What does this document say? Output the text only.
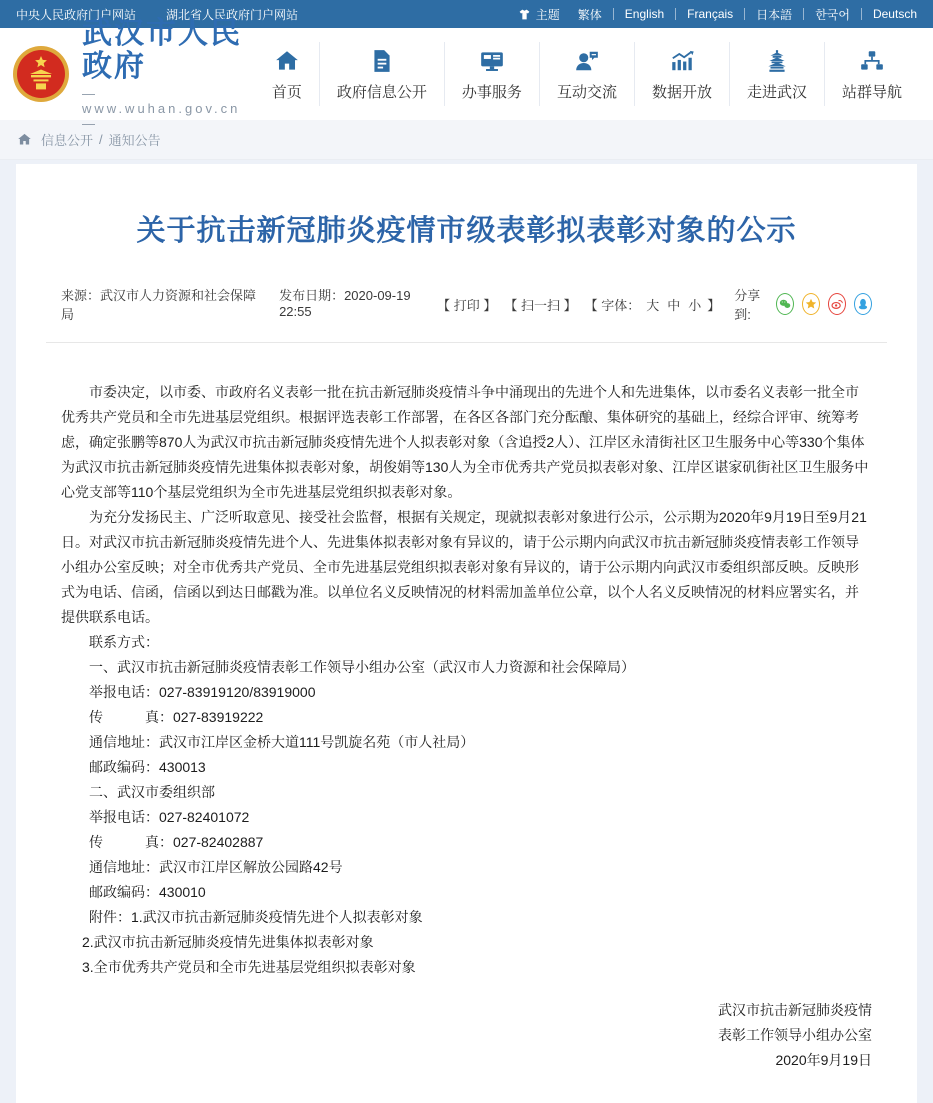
中央人民政府门户网站	湖北省人民政府门户网站	主题 繁体 English Français 日本語 한국어 Deutsch
武汉市人民政府
— www.wuhan.gov.cn —
首页 政府信息公开 办事服务 互动交流 数据开放 走进武汉 站群导航
信息公开 / 通知公告
关于抗击新冠肺炎疫情市级表彰拟表彰对象的公示
来源：武汉市人力资源和社会保障局
发布日期：2020-09-19 22:55	【 打印 】 【 扫一扫 】 【 字体： 大 中 小 】
分享到:

市委决定，以市委、市政府名义表彰一批在抗击新冠肺炎疫情斗争中涌现出的先进个人和先进集体，以市委名义表彰一批全市优秀共产党员和全市先进基层党组织。根据评选表彰工作部署，在各区各部门充分酝酿、集体研究的基础上，经综合评审、统筹考虑，确定张鹏等870人为武汉市抗击新冠肺炎疫情先进个人拟表彰对象（含追授2人）、江岸区永清街社区卫生服务中心等330个集体为武汉市抗击新冠肺炎疫情先进集体拟表彰对象，胡俊娟等130人为全市优秀共产党员拟表彰对象、江岸区谌家矶街社区卫生服务中心党支部等110个基层党组织为全市先进基层党组织拟表彰对象。

为充分发扬民主、广泛听取意见、接受社会监督，根据有关规定，现就拟表彰对象进行公示，公示期为2020年9月19日至9月21日。对武汉市抗击新冠肺炎疫情先进个人、先进集体拟表彰对象有异议的，请于公示期内向武汉市抗击新冠肺炎疫情表彰工作领导小组办公室反映；对全市优秀共产党员、全市先进基层党组织拟表彰对象有异议的，请于公示期内向武汉市委组织部反映。反映形式为电话、信函，信函以到达日邮戳为准。以单位名义反映情况的材料需加盖单位公章，以个人名义反映情况的材料应署实名，并提供联系电话。

联系方式：
一、武汉市抗击新冠肺炎疫情表彰工作领导小组办公室（武汉市人力资源和社会保障局）
举报电话：027-83919120/83919000
传　　　真：027-83919222
通信地址：武汉市江岸区金桥大道111号凯旋名苑（市人社局）
邮政编码：430013
二、武汉市委组织部
举报电话：027-82401072
传　　　真：027-82402887
通信地址：武汉市江岸区解放公园路42号
邮政编码：430010
附件：1.武汉市抗击新冠肺炎疫情先进个人拟表彰对象
2.武汉市抗击新冠肺炎疫情先进集体拟表彰对象
3.全市优秀共产党员和全市先进基层党组织拟表彰对象
武汉市抗击新冠肺炎疫情
表彰工作领导小组办公室
2020年9月19日
